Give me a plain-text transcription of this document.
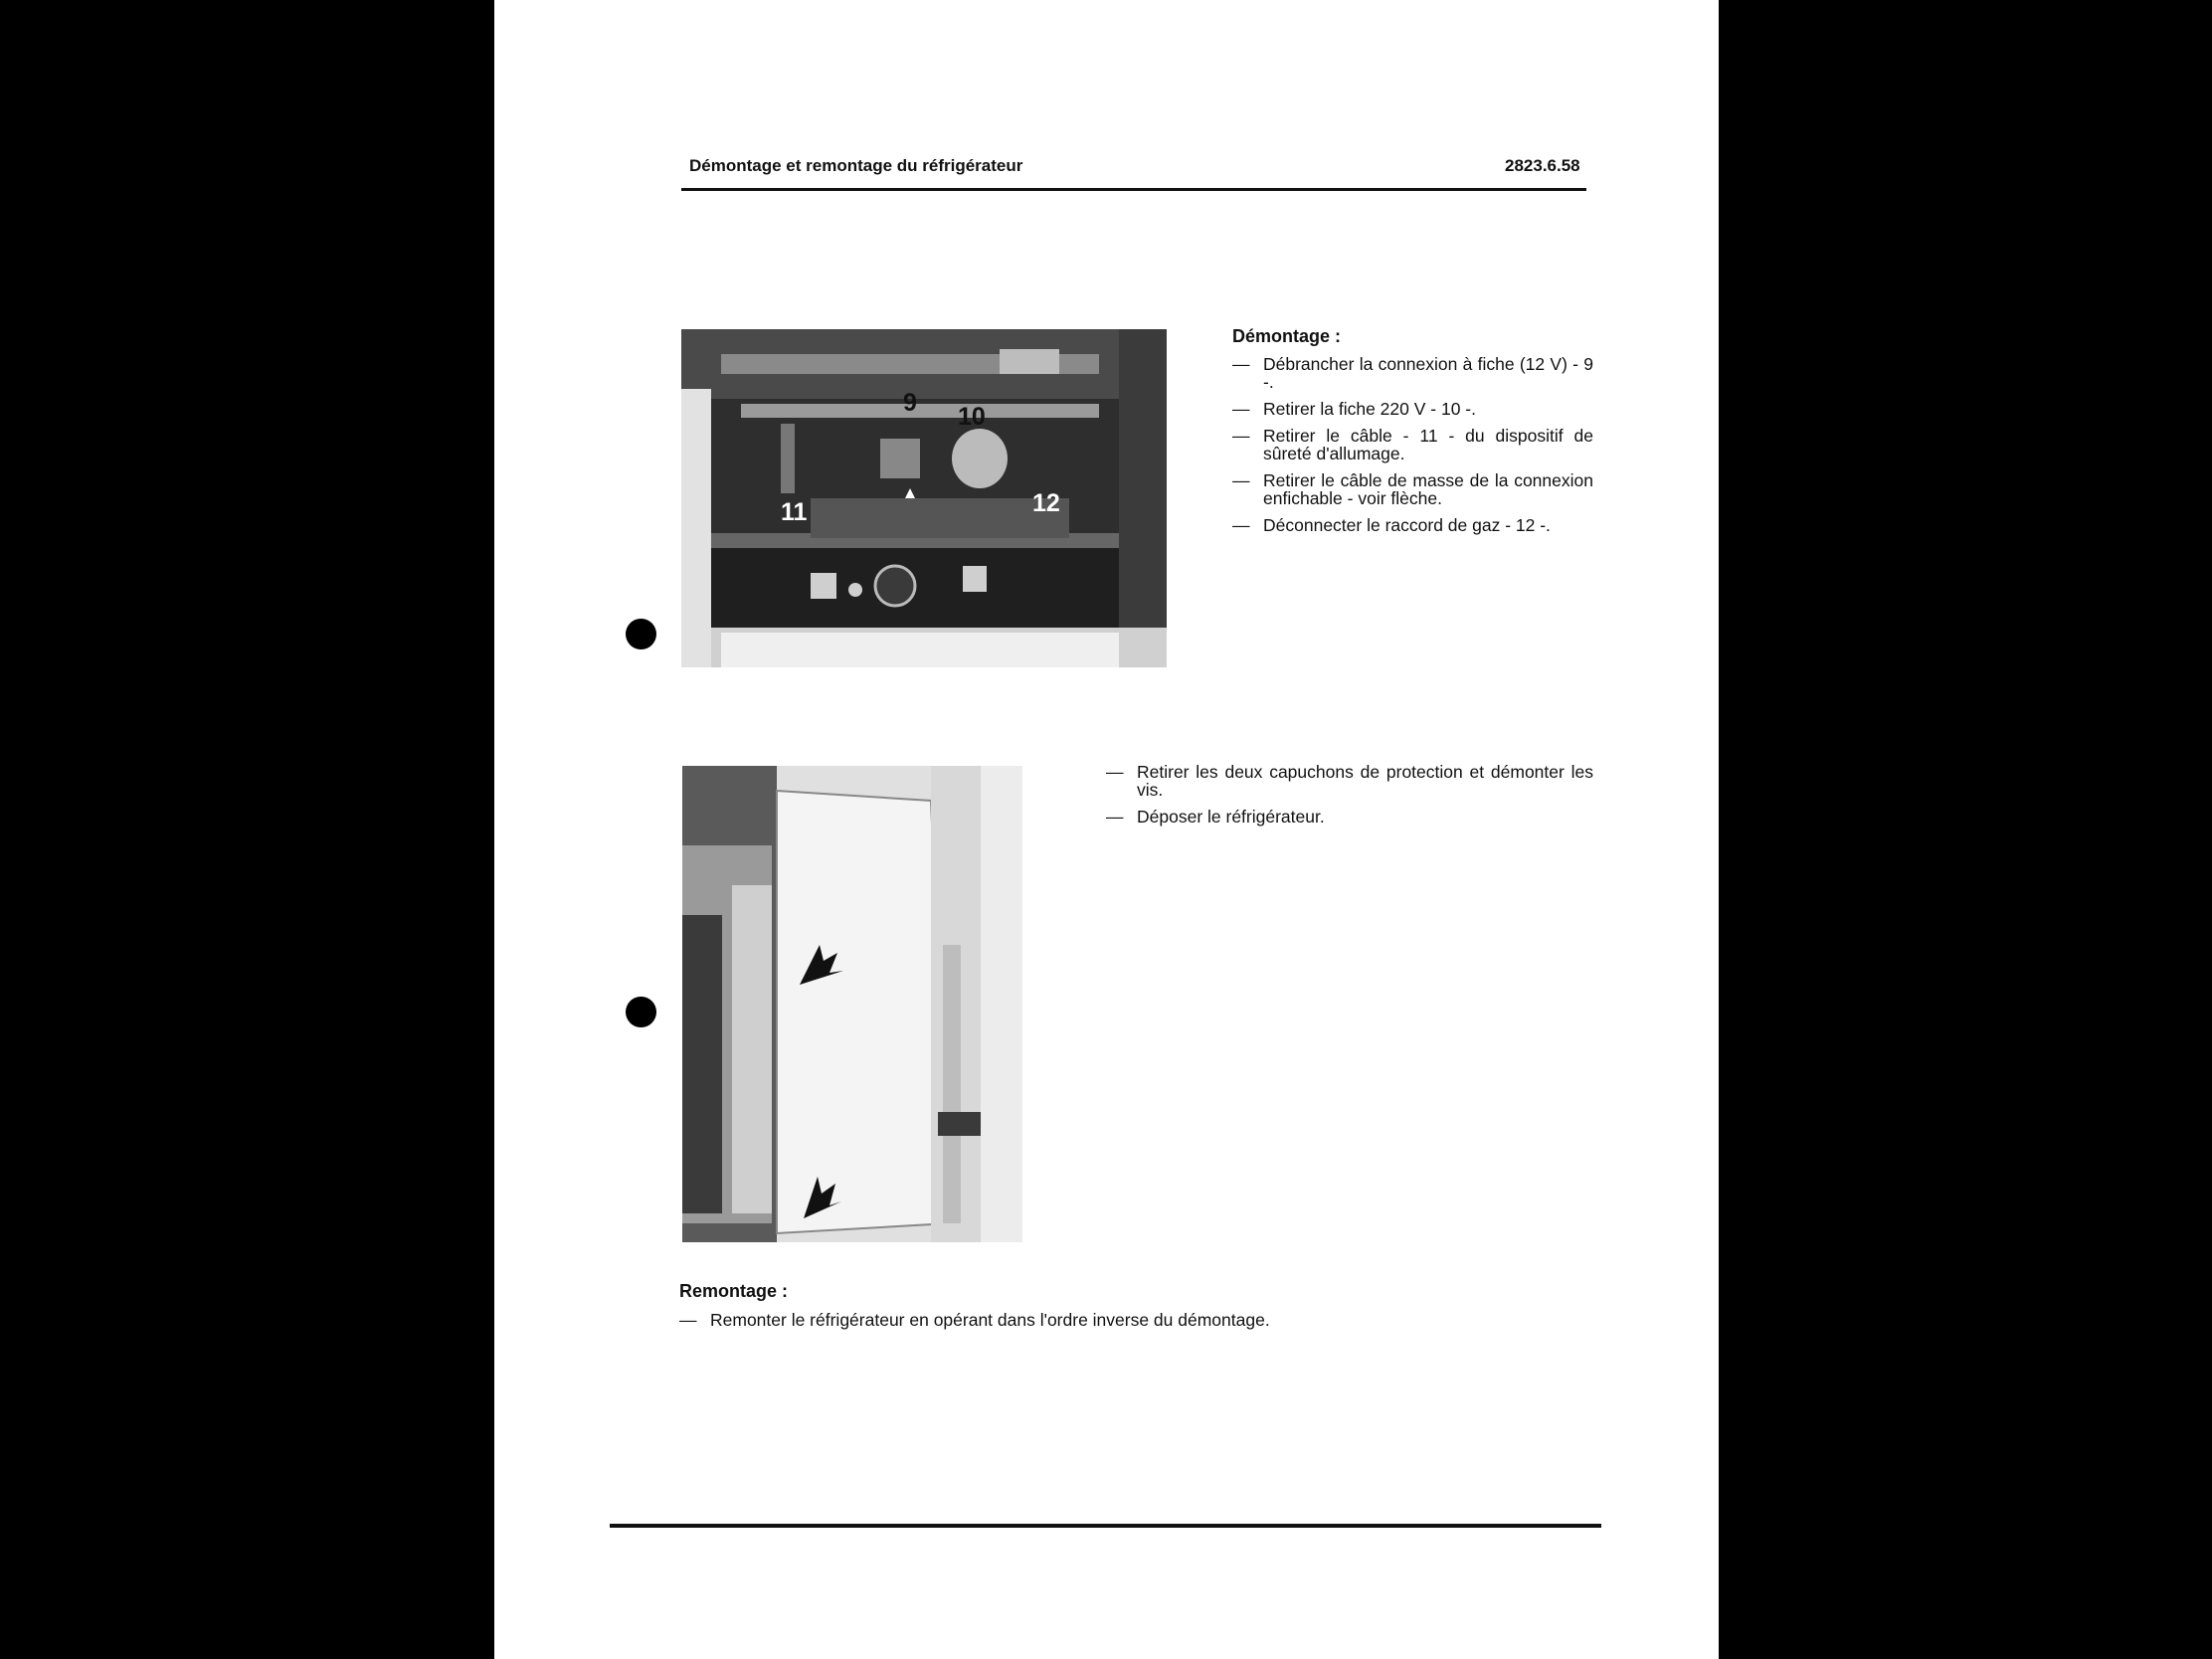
Démontage et remontage du réfrigérateur	2823.6.58
9 10
11	12
Démontage :
— Débrancher la connexion à fiche (12 V) - 9 -.
— Retirer la fiche 220 V - 10 -.
— Retirer le câble - 11 - du dispositif de sûreté d'allumage.
— Retirer le câble de masse de la connexion enfichable - voir flèche.
— Déconnecter le raccord de gaz - 12 -.
— Retirer les deux capuchons de protection et démonter les vis.
— Déposer le réfrigérateur.
Remontage :
— Remonter le réfrigérateur en opérant dans l'ordre inverse du démontage.
